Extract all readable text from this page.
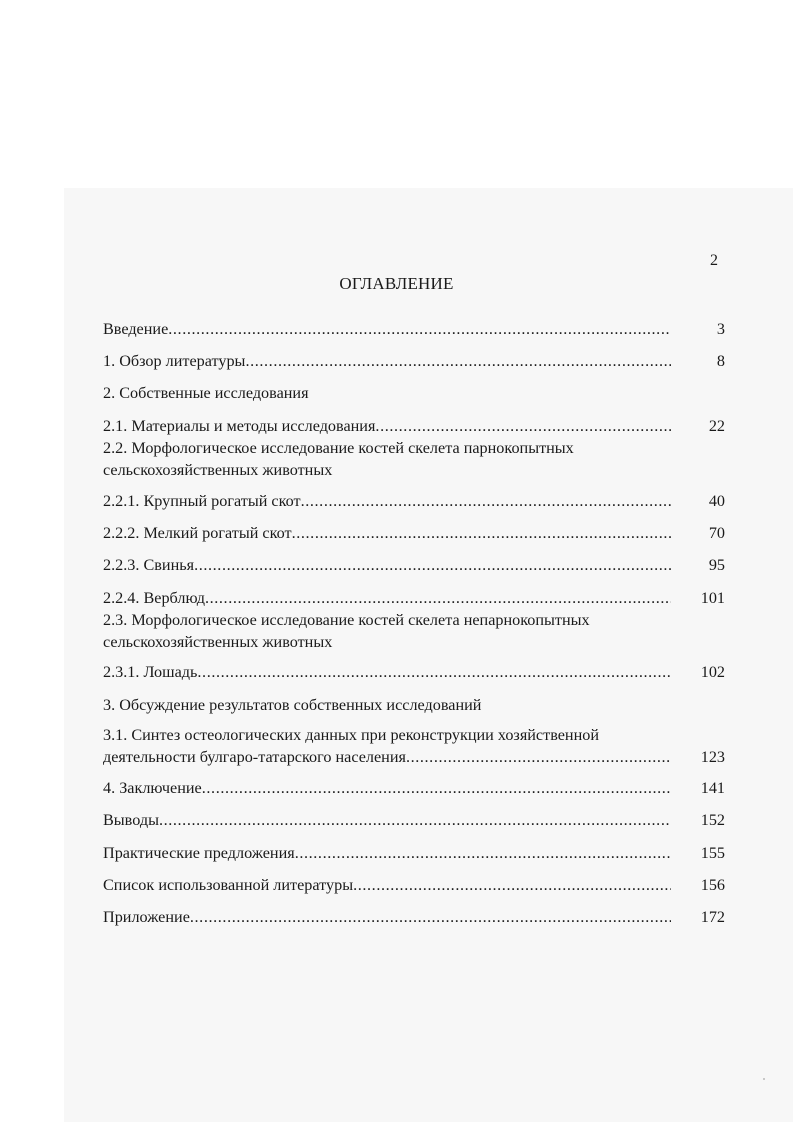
2
ОГЛАВЛЕНИЕ
Введение .....	3
1. Обзор литературы .....	8
2. Собственные исследования
2.1. Материалы и методы исследования .....	22
2.2. Морфологическое исследование костей скелета парнокопытных
сельскохозяйственных животных
2.2.1. Крупный рогатый скот .....	40
2.2.2. Мелкий рогатый скот .....	70
2.2.3. Свинья .....	95
2.2.4. Верблюд .....	101
2.3. Морфологическое исследование костей скелета непарнокопытных
сельскохозяйственных животных
2.3.1. Лошадь .....	102
3. Обсуждение результатов собственных исследований
3.1. Синтез остеологических данных при реконструкции хозяйственной
деятельности булгаро-татарского населения .....	123
4. Заключение .....	141
Выводы .....	152
Практические предложения .....	155
Список использованной литературы .....	156
Приложение .....	172
